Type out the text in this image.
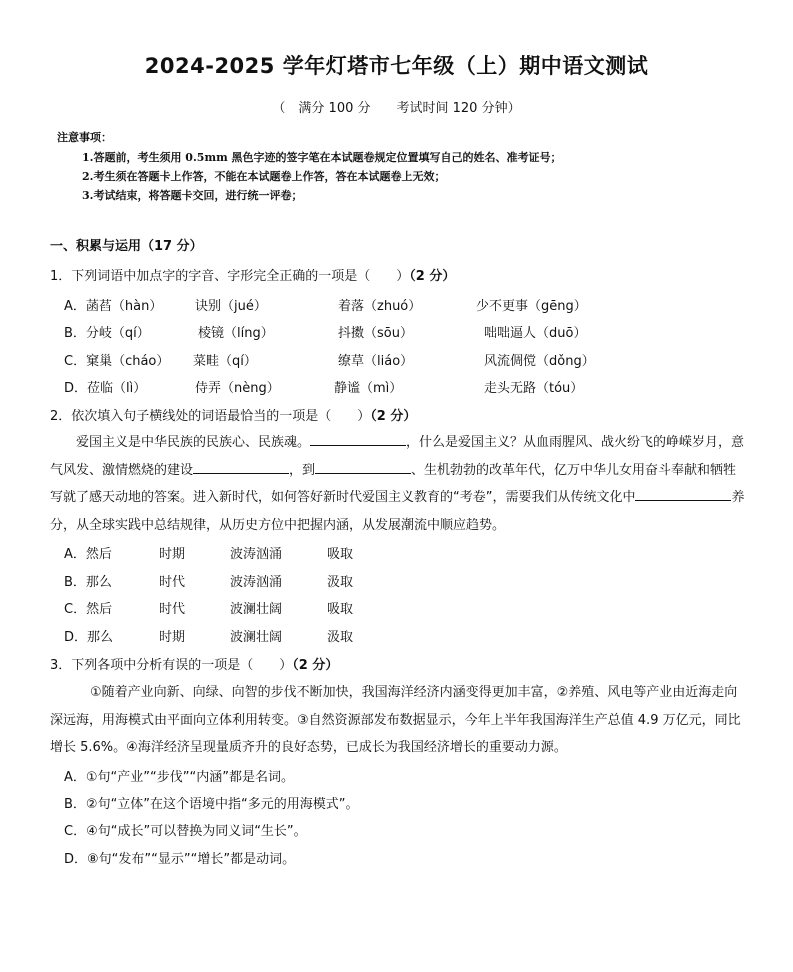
2024-2025 学年灯塔市七年级（上）期中语文测试
（　满分 100 分　　考试时间 120 分钟）
注意事项：
1.答题前，考生须用 0.5mm 黑色字迹的签字笔在本试题卷规定位置填写自己的姓名、准考证号；
2.考生须在答题卡上作答，不能在本试题卷上作答，答在本试题卷上无效；
3.考试结束，将答题卡交回，进行统一评卷；
一、积累与运用（17 分）
1．下列词语中加点字的字音、字形完全正确的一项是（　　）（2 分）
A．菡萏（hàn）	诀别（jué）	着落（zhuó）	少不更事（gēng）
B．分岐（qí）	棱镜（líng）	抖擞（sōu）	咄咄逼人（duō）
C．窠巢（cháo） 菜畦（qí）	缭草（liáo）	风流倜傥（dǒng）
D．莅临（lì）	侍弄（nèng）	静谧（mì）	走头无路（tóu）
2．依次填入句子横线处的词语最恰当的一项是（　　）（2 分）
爱国主义是中华民族的民族心、民族魂。	，什么是爱国主义？从血雨腥风、战火纷飞的峥嵘岁月，意气风发、激情燃烧的建设	，到	、生机勃勃的改革年代，亿万中华儿女用奋斗奉献和牺牲写就了感天动地的答案。进入新时代，如何答好新时代爱国主义教育的“考卷”，需要我们从传统文化中	养分，从全球实践中总结规律，从历史方位中把握内涵，从发展潮流中顺应趋势。
A．然后	时期	波涛汹涌	吸取
B．那么	时代	波涛汹涌	汲取
C．然后	时代	波澜壮阔	吸取
D．那么	时期	波澜壮阔	汲取
3．下列各项中分析有误的一项是（　　）（2 分）
①随着产业向新、向绿、向智的步伐不断加快，我国海洋经济内涵变得更加丰富，②养殖、风电等产业由近海走向深远海，用海模式由平面向立体利用转变。③自然资源部发布数据显示，今年上半年我国海洋生产总值 4.9 万亿元，同比增长 5.6%。④海洋经济呈现量质齐升的良好态势，已成长为我国经济增长的重要动力源。
A．①句“产业”“步伐”“内涵”都是名词。
B．②句“立体”在这个语境中指“多元的用海模式”。
C．④句“成长”可以替换为同义词“生长”。
D．⑧句“发布”“显示”“增长”都是动词。
